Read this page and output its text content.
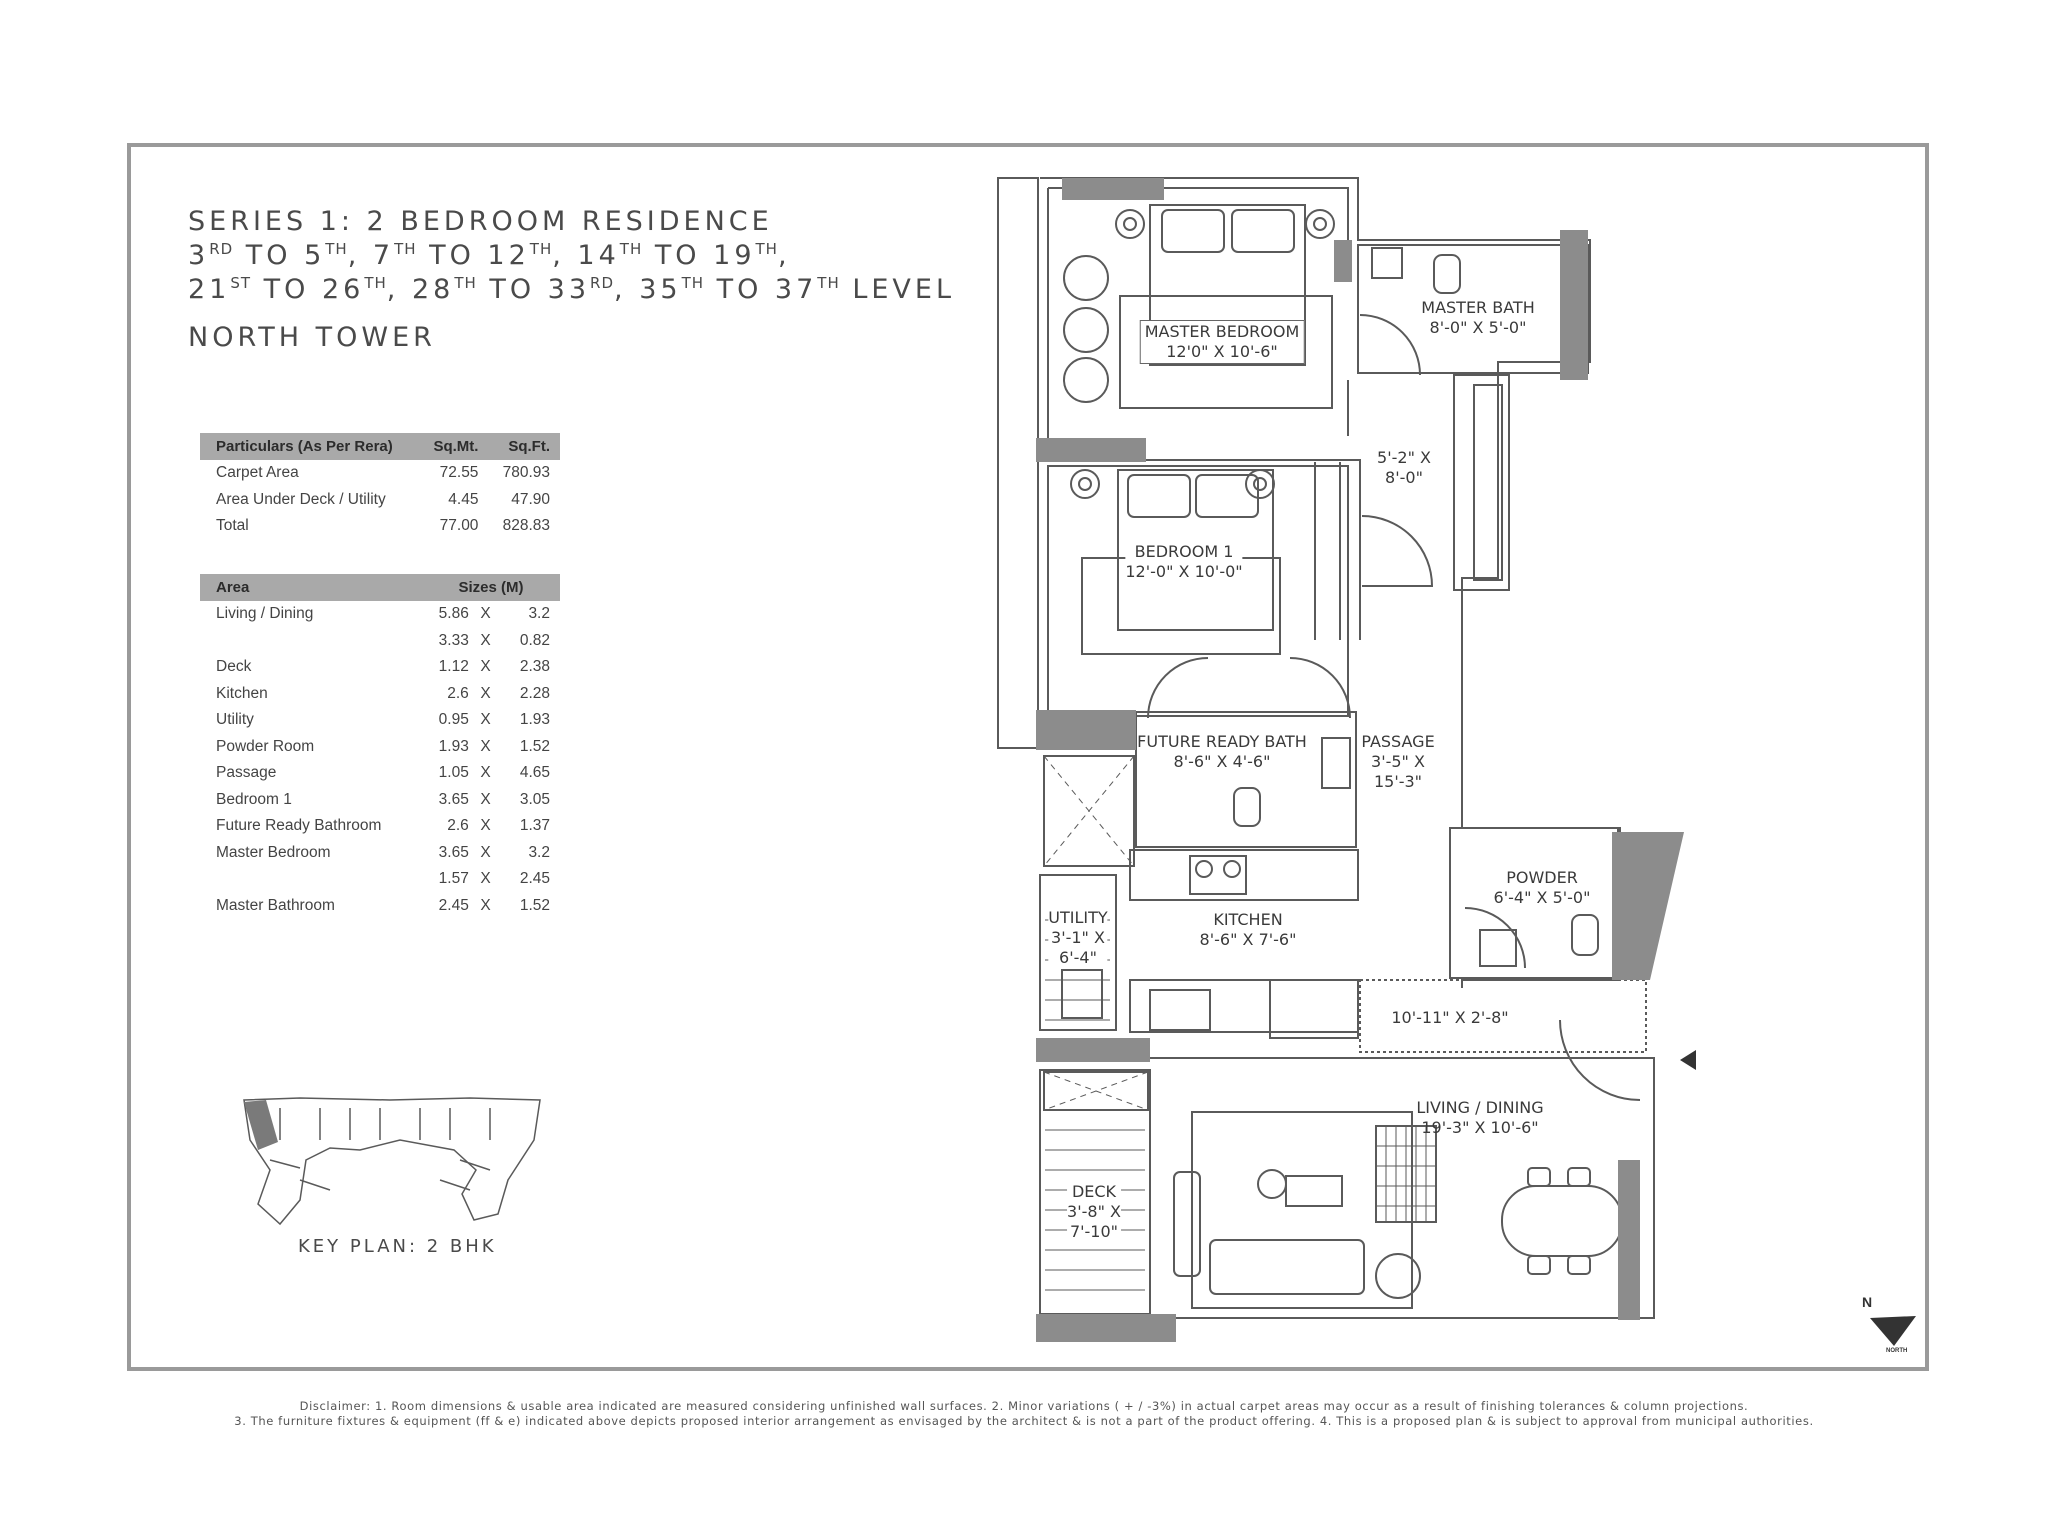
SERIES 1: 2 BEDROOM RESIDENCE
3RD TO 5TH, 7TH TO 12TH, 14TH TO 19TH,
21ST TO 26TH, 28TH TO 33RD, 35TH TO 37TH LEVEL
NORTH TOWER
Particulars (As Per Rera)	Sq.Mt.	Sq.Ft.
Carpet Area	72.55	780.93
Area Under Deck / Utility	4.45	47.90
Total	77.00	828.83
Area	Sizes (M)		
Living / Dining	5.86	X	3.2
	3.33	X	0.82
Deck	1.12	X	2.38
Kitchen	2.6	X	2.28
Utility	0.95	X	1.93
Powder Room	1.93	X	1.52
Passage	1.05	X	4.65
Bedroom 1	3.65	X	3.05
Future Ready Bathroom	2.6	X	1.37
Master Bedroom	3.65	X	3.2
	1.57	X	2.45
Master Bathroom	2.45	X	1.52
MASTER BEDROOM
12'0" X 10'-6"
MASTER BATH
8'-0" X 5'-0"
5'-2" X
8'-0"
BEDROOM 1
12'-0" X 10'-0"
FUTURE READY BATH
8'-6" X 4'-6"
PASSAGE
3'-5" X
15'-3"
POWDER
6'-4" X 5'-0"
UTILITY
3'-1" X
6'-4"
KITCHEN
8'-6" X 7'-6"
10'-11" X 2'-8"
LIVING / DINING
19'-3" X 10'-6"
DECK
3'-8" X
7'-10"
N
NORTH
KEY PLAN: 2 BHK
Disclaimer: 1. Room dimensions & usable area indicated are measured considering unfinished wall surfaces. 2. Minor variations ( + / -3%) in actual carpet areas may occur as a result of finishing tolerances & column projections.
3. The furniture fixtures & equipment (ff & e) indicated above depicts proposed interior arrangement as envisaged by the architect & is not a part of the product offering. 4. This is a proposed plan & is subject to approval from municipal authorities.
